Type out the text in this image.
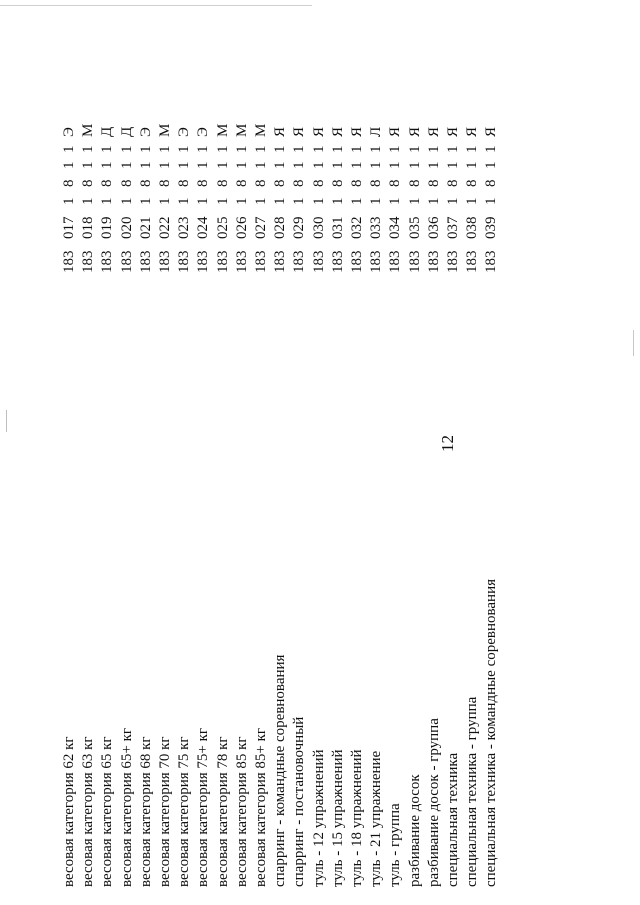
12
весовая категория 62 кг
183
017
1
8
1
1
Э
весовая категория 63 кг
183
018
1
8
1
1
М
весовая категория 65 кг
183
019
1
8
1
1
Д
весовая категория 65+ кг
183
020
1
8
1
1
Д
весовая категория 68 кг
183
021
1
8
1
1
Э
весовая категория 70 кг
183
022
1
8
1
1
М
весовая категория 75 кг
183
023
1
8
1
1
Э
весовая категория 75+ кг
183
024
1
8
1
1
Э
весовая категория 78 кг
183
025
1
8
1
1
М
весовая категория 85 кг
183
026
1
8
1
1
М
весовая категория 85+ кг
183
027
1
8
1
1
М
спарринг - командные соревнования
183
028
1
8
1
1
Я
спарринг - постановочный
183
029
1
8
1
1
Я
туль - 12 упражнений
183
030
1
8
1
1
Я
туль - 15 упражнений
183
031
1
8
1
1
Я
туль - 18 упражнений
183
032
1
8
1
1
Я
туль - 21 упражнение
183
033
1
8
1
1
Л
туль - группа
183
034
1
8
1
1
Я
разбивание досок
183
035
1
8
1
1
Я
разбивание досок - группа
183
036
1
8
1
1
Я
специальная техника
183
037
1
8
1
1
Я
специальная техника - группа
183
038
1
8
1
1
Я
специальная техника - командные соревнования
183
039
1
8
1
1
Я
